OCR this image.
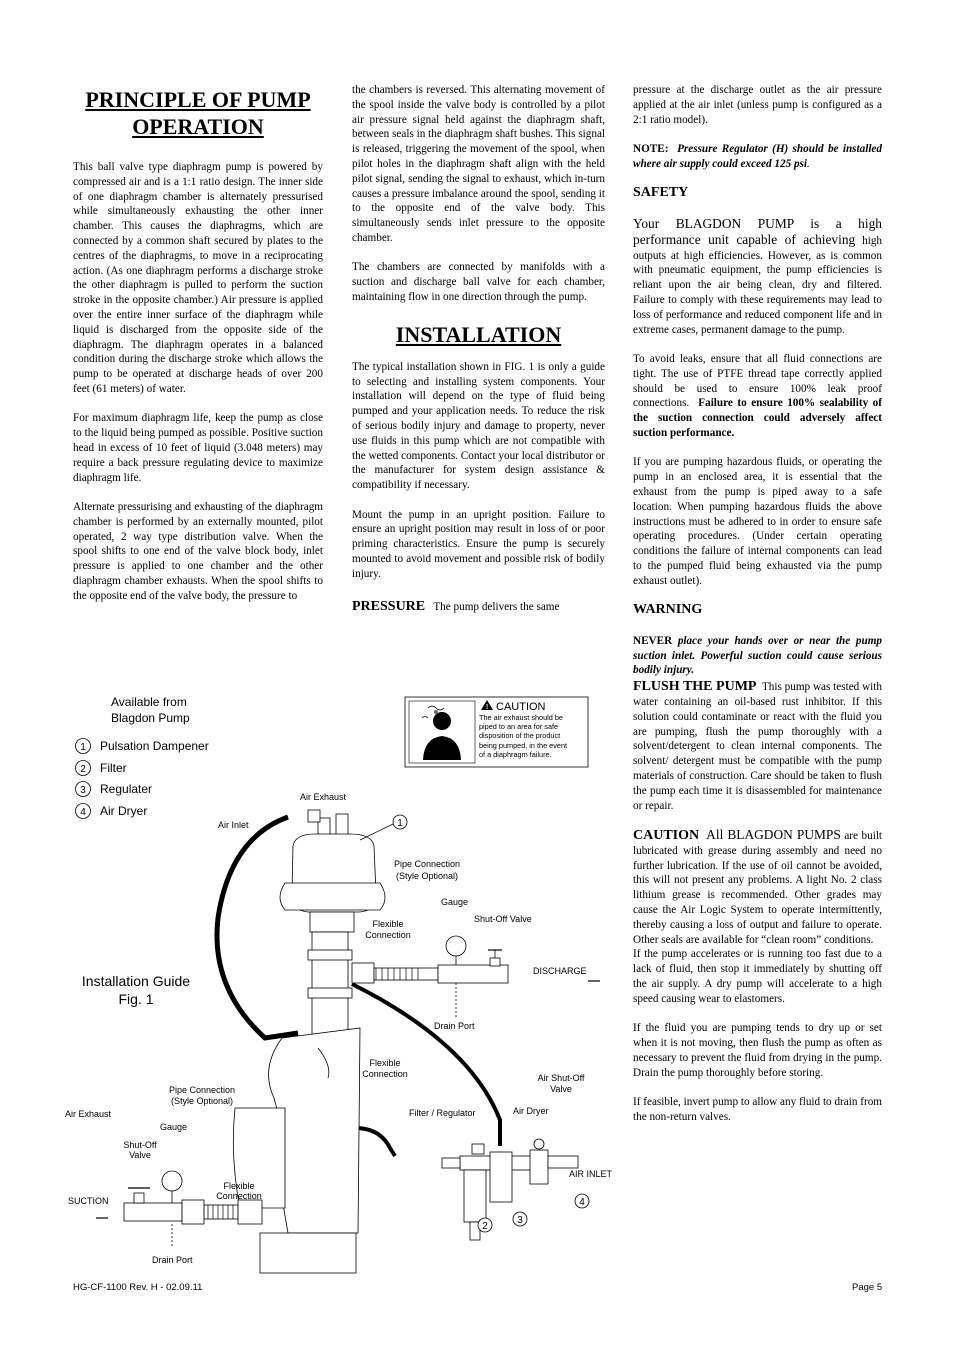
PRINCIPLE OF PUMP OPERATION

This ball valve type diaphragm pump is powered by compressed air and is a 1:1 ratio design. The inner side of one diaphragm chamber is alternately pressurised while simultaneously exhausting the other inner chamber. This causes the diaphragms, which are connected by a common shaft secured by plates to the centres of the diaphragms, to move in a reciprocating action. (As one diaphragm performs a discharge stroke the other diaphragm is pulled to perform the suction stroke in the opposite chamber.) Air pressure is applied over the entire inner surface of the diaphragm while liquid is discharged from the opposite side of the diaphragm. The diaphragm operates in a balanced condition during the discharge stroke which allows the pump to be operated at discharge heads of over 200 feet (61 meters) of water.

For maximum diaphragm life, keep the pump as close to the liquid being pumped as possible. Positive suction head in excess of 10 feet of liquid (3.048 meters) may require a back pressure regulating device to maximize diaphragm life.

Alternate pressurising and exhausting of the diaphragm chamber is performed by an externally mounted, pilot operated, 2 way type distribution valve. When the spool shifts to one end of the valve block body, inlet pressure is applied to one chamber and the other diaphragm chamber exhausts. When the spool shifts to the opposite end of the valve body, the pressure to

the chambers is reversed. This alternating movement of the spool inside the valve body is controlled by a pilot air pressure signal held against the diaphragm shaft, between seals in the diaphragm shaft bushes. This signal is released, triggering the movement of the spool, when pilot holes in the diaphragm shaft align with the held pilot signal, sending the signal to exhaust, which in-turn causes a pressure imbalance around the spool, sending it to the opposite end of the valve body. This simultaneously sends inlet pressure to the opposite chamber.

The chambers are connected by manifolds with a suction and discharge ball valve for each chamber, maintaining flow in one direction through the pump.

INSTALLATION

The typical installation shown in FIG. 1 is only a guide to selecting and installing system components. Your installation will depend on the type of fluid being pumped and your application needs. To reduce the risk of serious bodily injury and damage to property, never use fluids in this pump which are not compatible with the wetted components. Contact your local distributor or the manufacturer for system design assistance & compatibility if necessary.

Mount the pump in an upright position. Failure to ensure an upright position may result in loss of or poor priming characteristics. Ensure the pump is securely mounted to avoid movement and possible risk of bodily injury.

PRESSURE The pump delivers the same

pressure at the discharge outlet as the air pressure applied at the air inlet (unless pump is configured as a 2:1 ratio model).

NOTE: Pressure Regulator (H) should be installed where air supply could exceed 125 psi.

SAFETY

Your BLAGDON PUMP is a high performance unit capable of achieving high outputs at high efficiencies. However, as is common with pneumatic equipment, the pump efficiencies is reliant upon the air being clean, dry and filtered. Failure to comply with these requirements may lead to loss of performance and reduced component life and in extreme cases, permanent damage to the pump.

To avoid leaks, ensure that all fluid connections are tight. The use of PTFE thread tape correctly applied should be used to ensure 100% leak proof connections. Failure to ensure 100% sealability of the suction connection could adversely affect suction performance.

If you are pumping hazardous fluids, or operating the pump in an enclosed area, it is essential that the exhaust from the pump is piped away to a safe location. When pumping hazardous fluids the above instructions must be adhered to in order to ensure safe operating procedures. (Under certain operating conditions the failure of internal components can lead to the pumped fluid being exhausted via the pump exhaust outlet).

WARNING

NEVER place your hands over or near the pump suction inlet. Powerful suction could cause serious bodily injury.

FLUSH THE PUMP This pump was tested with water containing an oil-based rust inhibitor. If this solution could contaminate or react with the fluid you are pumping, flush the pump thoroughly with a solvent/detergent to clean internal components. The solvent/ detergent must be compatible with the pump materials of construction. Care should be taken to flush the pump each time it is disassembled for maintenance or repair.

CAUTION All BLAGDON PUMPS are built lubricated with grease during assembly and need no further lubrication. If the use of oil cannot be avoided, this will not present any problems. A light No. 2 class lithium grease is recommended. Other grades may cause the Air Logic System to operate intermittently, thereby causing a loss of output and failure to operate. Other seals are available for “clean room” conditions.

If the pump accelerates or is running too fast due to a lack of fluid, then stop it immediately by shutting off the air supply. A dry pump will accelerate to a high speed causing wear to elastomers.

If the fluid you are pumping tends to dry up or set when it is not moving, then flush the pump as often as necessary to prevent the fluid from drying in the pump. Drain the pump thoroughly before storing.

If feasible, invert pump to allow any fluid to drain from the non-return valves.

Available from
Blagdon Pump
1 Pulsation Dampener
2 Filter
3 Regulater
4 Air Dryer
Installation Guide
Fig. 1
! CAUTION
The air exhaust should be
piped to an area for safe
disposition of the product
being pumped, in the event
of a diaphragm failure.
1
2
3
4
Air Exhaust
Air Inlet
Pipe Connection
(Style Optional)
Gauge
Shut-Off Valve
Flexible
Connection
DISCHARGE
Drain Port
Flexible
Connection	Air Shut-Off
Valve
Pipe Connection
(Style Optional)
Air Exhaust	Filter / Regulator	Air Dryer
Gauge
Shut-Off
Valve
AIR INLET
SUCTION
Flexible
Connection
Drain Port
HG-CF-1100 Rev. H - 02.09.11	Page 5
